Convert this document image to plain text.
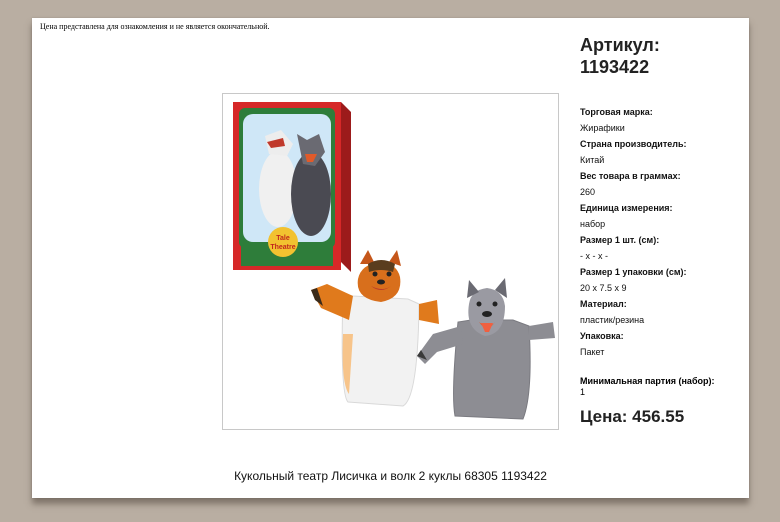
Цена представлена для ознакомления и не является окончательной.
Артикул:
1193422
Tale
Theatre
Торговая марка:
Жирафики
Страна производитель:
Китай
Вес товара в граммах:
260
Единица измерения:
набор
Размер 1 шт. (см):
- x - x -
Размер 1 упаковки (см):
20 x 7.5 x 9
Материал:
пластик/резина
Упаковка:
Пакет
Минимальная партия (набор):
1
Цена: 456.55
Кукольный театр Лисичка и волк 2 куклы 68305 1193422
